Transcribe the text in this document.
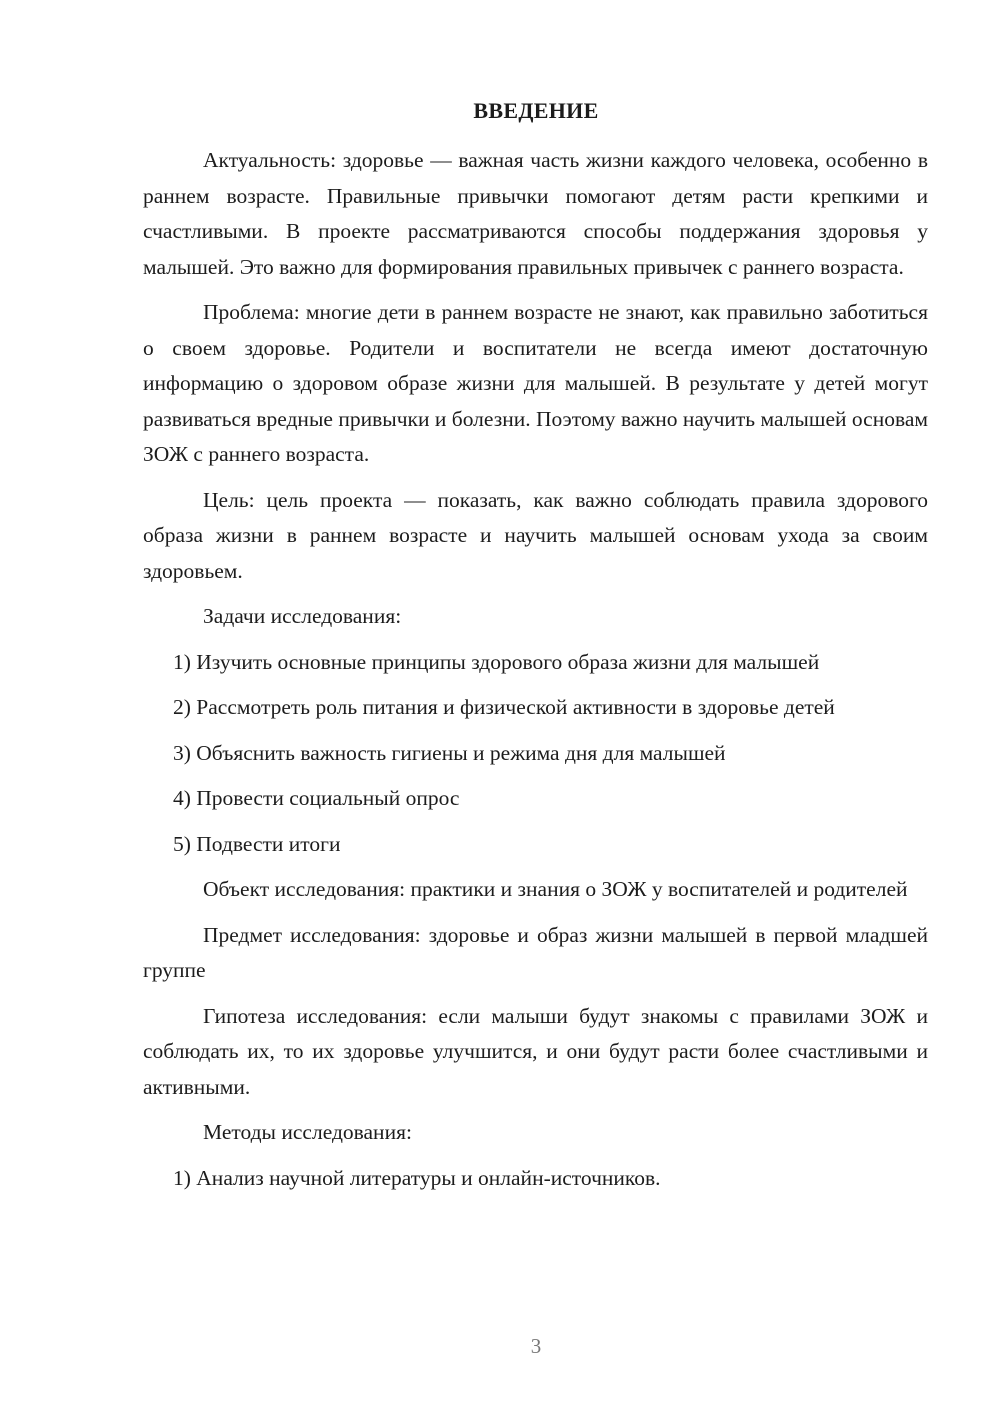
ВВЕДЕНИЕ

Актуальность: здоровье — важная часть жизни каждого человека, особенно в раннем возрасте. Правильные привычки помогают детям расти крепкими и счастливыми. В проекте рассматриваются способы поддержания здоровья у малышей. Это важно для формирования правильных привычек с раннего возраста.

Проблема: многие дети в раннем возрасте не знают, как правильно заботиться о своем здоровье. Родители и воспитатели не всегда имеют достаточную информацию о здоровом образе жизни для малышей. В результате у детей могут развиваться вредные привычки и болезни. Поэтому важно научить малышей основам ЗОЖ с раннего возраста.

Цель: цель проекта — показать, как важно соблюдать правила здорового образа жизни в раннем возрасте и научить малышей основам ухода за своим здоровьем.

Задачи исследования:

1) Изучить основные принципы здорового образа жизни для малышей

2) Рассмотреть роль питания и физической активности в здоровье детей

3) Объяснить важность гигиены и режима дня для малышей

4) Провести социальный опрос

5) Подвести итоги

Объект исследования: практики и знания о ЗОЖ у воспитателей и родителей

Предмет исследования: здоровье и образ жизни малышей в первой младшей группе

Гипотеза исследования: если малыши будут знакомы с правилами ЗОЖ и соблюдать их, то их здоровье улучшится, и они будут расти более счастливыми и активными.

Методы исследования:

1) Анализ научной литературы и онлайн-источников.

3
